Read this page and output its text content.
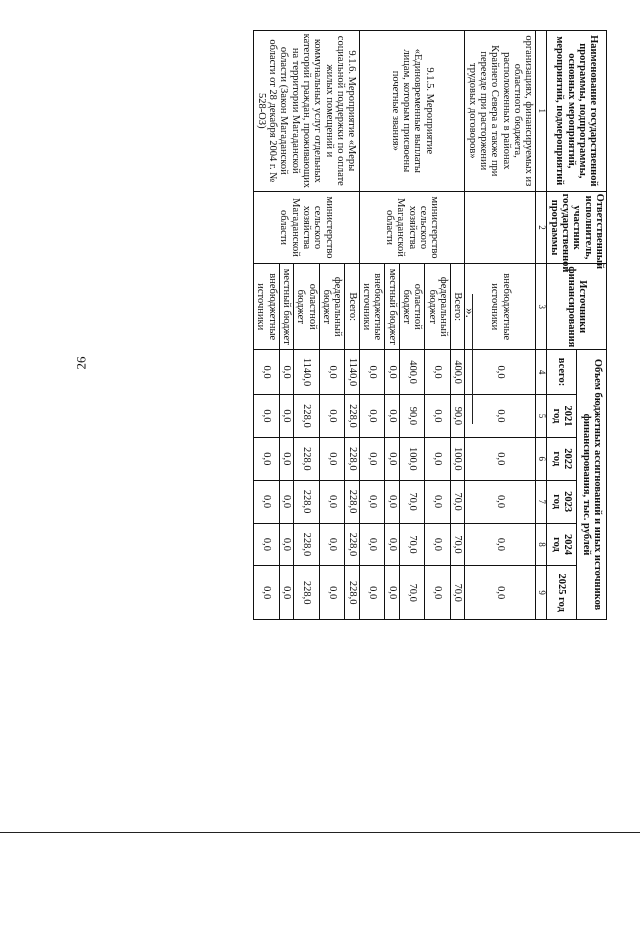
26
Наименование государственной программы, подпрограммы, основных мероприятий, мероприятий, подмероприятий	Ответственный исполнитель, участник государственной программы	Источники финансирования	Объем бюджетных ассигнований и иных источников финансирования, тыс. рублей					
			всего:	2021 год	2022 год	2023 год	2024 год	2025 год
1	2	3	4	5	6	7	8	9
организациях, финансируемых из областного бюджета, расположенных в районах Крайнего Севера а также при переезде при расторжении трудовых договоров»		внебюджетные источники	0,0	0,0	0,0	0,0	0,0	0,0
9.1.5. Мероприятие «Единовременные выплаты лицам, которым присвоены почетные звания»	министерство сельского хозяйства Магаданской области	Всего:	400,0	90,0	100,0	70,0	70,0	70,0
		федеральный бюджет	0,0	0,0	0,0	0,0	0,0	0,0
		областной бюджет	400,0	90,0	100,0	70,0	70,0	70,0
		местный бюджет	0,0	0,0	0,0	0,0	0,0	0,0
		внебюджетные источники	0,0	0,0	0,0	0,0	0,0	0,0
9.1.6. Мероприятие «Меры социальной поддержки по оплате жилых помещений и коммунальных услуг отдельных категорий граждан, проживающих на территории Магаданской области (Закон Магаданской области от 28 декабря 2004 г. № 528-ОЗ)	министерство сельского хозяйства Магаданской области	Всего:	1140,0	228,0	228,0	228,0	228,0	228,0
		федеральный бюджет	0,0	0,0	0,0	0,0	0,0	0,0
		областной бюджет	1140,0	228,0	228,0	228,0	228,0	228,0
		местный бюджет	0,0	0,0	0,0	0,0	0,0	0,0
		внебюджетные источники	0,0	0,0	0,0	0,0	0,0	0,0
».
